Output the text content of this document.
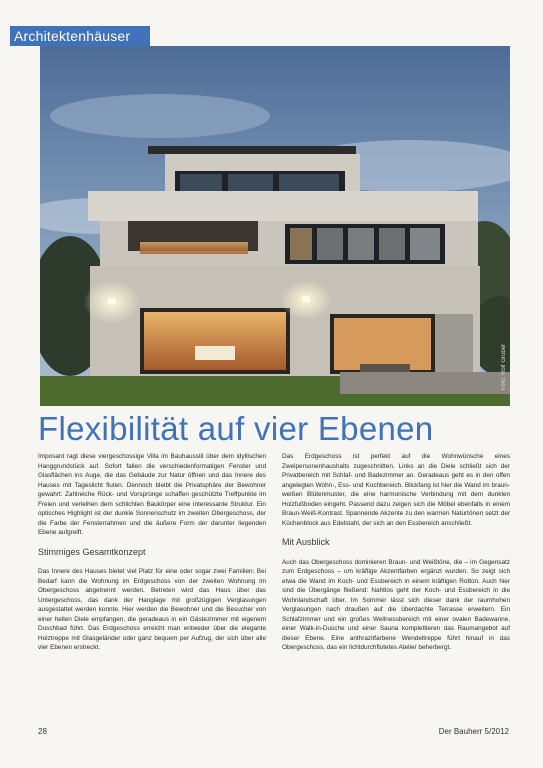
Architektenhäuser
Foto: Rolf Gruber
Flexibilität auf vier Ebenen

Imposant ragt diese viergeschossige Villa im Bauhausstil über dem idyllischen Hanggrundstück auf. Sofort fallen die verschiedenformatigen Fenster und Glasflächen ins Auge, die das Gebäude zur Natur öffnen und das Innere des Hauses mit Tageslicht fluten. Dennoch bleibt die Privatsphäre der Bewohner gewahrt: Zahlreiche Rück- und Vorsprünge schaffen geschützte Treffpunkte im Freien und verleihen dem schlichten Baukörper eine interessante Struktur. Ein optisches Highlight ist der dunkle Sonnenschutz im zweiten Obergeschoss, der die Farbe der Fensterrahmen und die äußere Form der darunter liegenden Ebene aufgreift.

Stimmiges Gesamtkonzept

Das Innere des Hauses bietet viel Platz für eine oder sogar zwei Familien: Bei Bedarf kann die Wohnung im Erdgeschoss von der zweiten Wohnung im Obergeschoss abgetrennt werden. Betreten wird das Haus über das Untergeschoss, das dank der Hanglage mit großzügigen Verglasungen ausgestattet werden konnte. Hier werden die Bewohner und die Besucher von einer hellen Diele empfangen, die geradeaus in ein Gästezimmer mit eigenem Duschbad führt. Das Erdgeschoss erreicht man entweder über die elegante Holztreppe mit Glasgeländer oder ganz bequem per Aufzug, der sich über alle vier Ebenen erstreckt.

Das Erdgeschoss ist perfekt auf die Wohnwünsche eines Zweipersonenhaushalts zugeschnitten. Links an die Diele schließt sich der Privatbereich mit Schlaf- und Badezimmer an. Geradeaus geht es in den offen angelegten Wohn-, Ess- und Kochbereich. Blickfang ist hier die Wand im braun-weißen Blütenmuster, die eine harmonische Verbindung mit dem dunklen Holzfußboden eingeht. Passend dazu zeigen sich die Möbel ebenfalls in einem Braun-Weiß-Kontrast. Spannende Akzente zu den warmen Naturtönen setzt der Küchenblock aus Edelstahl, der sich an den Essbereich anschließt.

Mit Ausblick

Auch das Obergeschoss dominieren Braun- und Weißtöne, die – im Gegensatz zum Erdgeschoss – um kräftige Akzentfarben ergänzt wurden. So zeigt sich etwa die Wand im Koch- und Essbereich in einem kräftigen Rotton. Auch hier sind die Übergänge fließend: Nahtlos geht der Koch- und Essbereich in die Wohnlandschaft über. Im Sommer lässt sich dieser dank der raumhohen Verglasungen nach draußen auf die überdachte Terrasse erweitern. Ein Schlafzimmer und ein großes Wellnessbereich mit einer ovalen Badewanne, einer Walk-in-Dusche und einer Sauna komplettieren das Raumangebot auf dieser Ebene. Eine anthrazitfarbene Wendeltreppe führt hinauf in das Obergeschoss, das ein lichtdurchflutetes Atelier beherbergt.

28	Der Bauherr 5/2012
